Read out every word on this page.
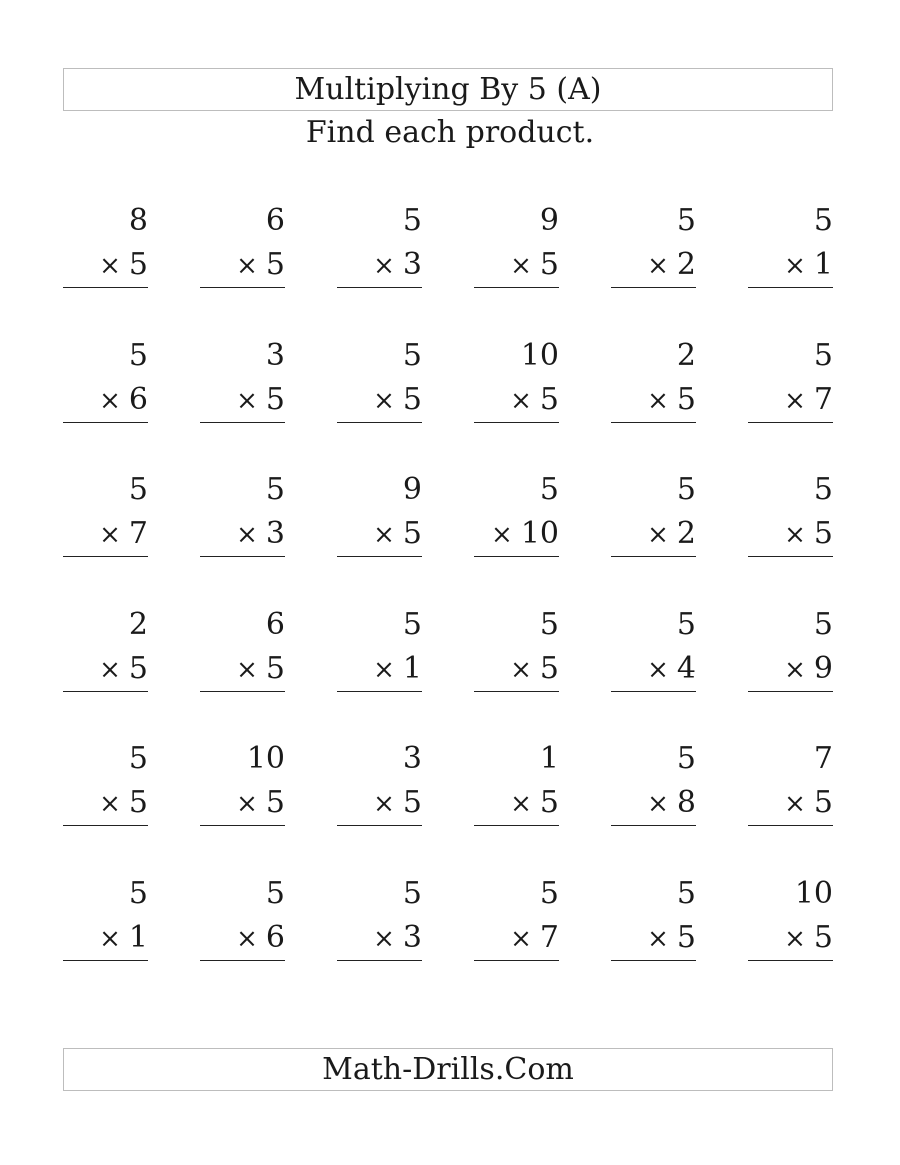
Multiplying By 5 (A)
Find each product.
8
× 5
6
× 5
5
× 3
9
× 5
5
× 2
5
× 1
5
× 6
3
× 5
5
× 5
10
× 5
2
× 5
5
× 7
5
× 7
5
× 3
9
× 5
5
× 10
5
× 2
5
× 5
2
× 5
6
× 5
5
× 1
5
× 5
5
× 4
5
× 9
5
× 5
10
× 5
3
× 5
1
× 5
5
× 8
7
× 5
5
× 1
5
× 6
5
× 3
5
× 7
5
× 5
10
× 5
Math-Drills.Com
